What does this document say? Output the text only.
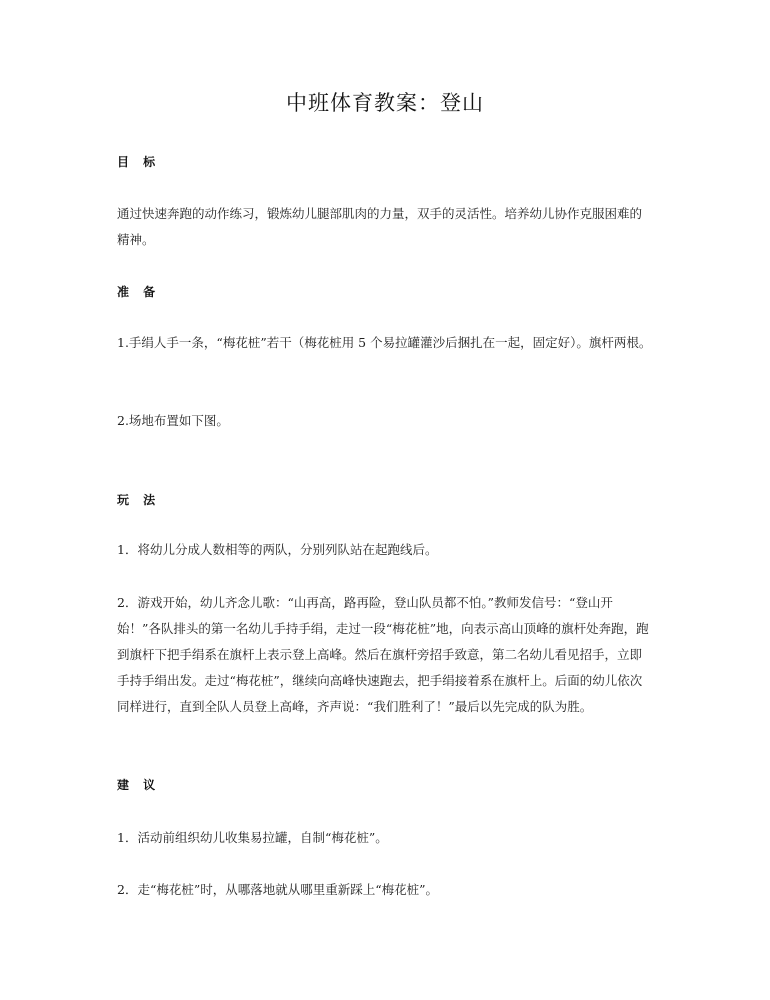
中班体育教案：登山
目 标
通过快速奔跑的动作练习，锻炼幼儿腿部肌肉的力量，双手的灵活性。培养幼儿协作克服困难的精神。
准 备
1.手绢人手一条，“梅花桩”若干（梅花桩用 5 个易拉罐灌沙后捆扎在一起，固定好）。旗杆两根。
2.场地布置如下图。
玩 法
1．将幼儿分成人数相等的两队，分别列队站在起跑线后。
2．游戏开始，幼儿齐念儿歌：“山再高，路再险，登山队员都不怕。”教师发信号：“登山开始！”各队排头的第一名幼儿手持手绢，走过一段“梅花桩”地，向表示高山顶峰的旗杆处奔跑，跑到旗杆下把手绢系在旗杆上表示登上高峰。然后在旗杆旁招手致意，第二名幼儿看见招手，立即手持手绢出发。走过“梅花桩”，继续向高峰快速跑去，把手绢接着系在旗杆上。后面的幼儿依次同样进行，直到全队人员登上高峰，齐声说：“我们胜利了！”最后以先完成的队为胜。
建 议
1．活动前组织幼儿收集易拉罐，自制“梅花桩”。
2．走“梅花桩”时，从哪落地就从哪里重新踩上“梅花桩”。
